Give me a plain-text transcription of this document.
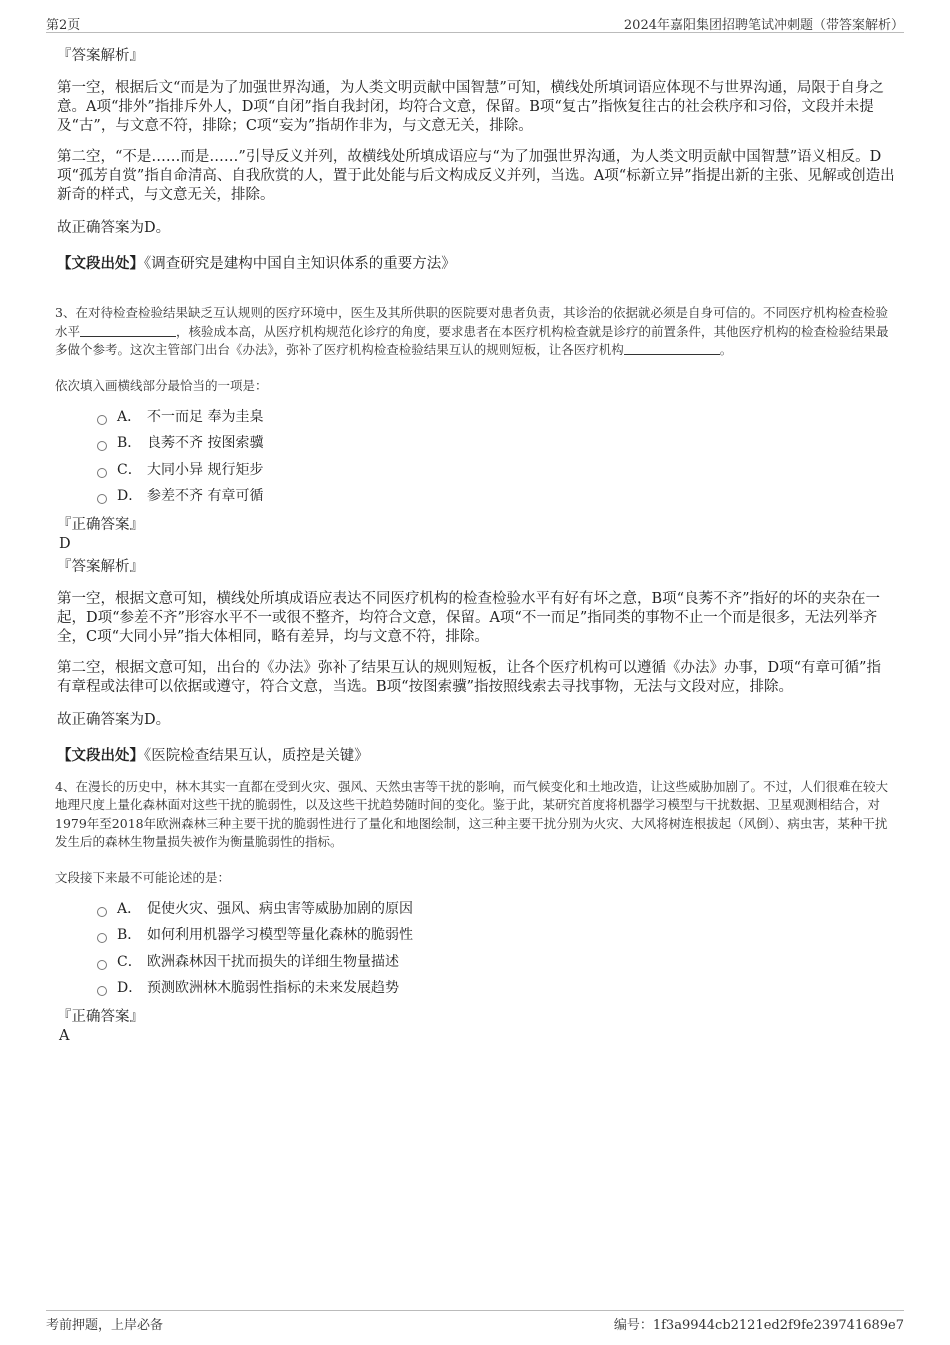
第2页	2024年嘉阳集团招聘笔试冲刺题（带答案解析）
『答案解析』

第一空，根据后文“而是为了加强世界沟通，为人类文明贡献中国智慧”可知，横线处所填词语应体现不与世界沟通，局限于自身之意。A项“排外”指排斥外人，D项“自闭”指自我封闭，均符合文意，保留。B项“复古”指恢复往古的社会秩序和习俗，文段并未提及“古”，与文意不符，排除；C项“妄为”指胡作非为，与文意无关，排除。

第二空，“不是……而是……”引导反义并列，故横线处所填成语应与“为了加强世界沟通，为人类文明贡献中国智慧”语义相反。D项“孤芳自赏”指自命清高、自我欣赏的人，置于此处能与后文构成反义并列，当选。A项“标新立异”指提出新的主张、见解或创造出新奇的样式，与文意无关，排除。

故正确答案为D。

【文段出处】《调查研究是建构中国自主知识体系的重要方法》
3、在对待检查检验结果缺乏互认规则的医疗环境中，医生及其所供职的医院要对患者负责，其诊治的依据就必须是自身可信的。不同医疗机构检查检验水平	，核验成本高，从医疗机构规范化诊疗的角度，要求患者在本医疗机构检查就是诊疗的前置条件，其他医疗机构的检查检验结果最多做个参考。这次主管部门出台《办法》，弥补了医疗机构检查检验结果互认的规则短板，让各医疗机构	。
依次填入画横线部分最恰当的一项是：
A． 不一而足 奉为圭臬
B． 良莠不齐 按图索骥
C． 大同小异 规行矩步
D． 参差不齐 有章可循
『正确答案』
D
『答案解析』

第一空，根据文意可知，横线处所填成语应表达不同医疗机构的检查检验水平有好有坏之意，B项“良莠不齐”指好的坏的夹杂在一起，D项“参差不齐”形容水平不一或很不整齐，均符合文意，保留。A项“不一而足”指同类的事物不止一个而是很多，无法列举齐全，C项“大同小异”指大体相同，略有差异，均与文意不符，排除。

第二空，根据文意可知，出台的《办法》弥补了结果互认的规则短板，让各个医疗机构可以遵循《办法》办事，D项“有章可循”指有章程或法律可以依据或遵守，符合文意，当选。B项“按图索骥”指按照线索去寻找事物，无法与文段对应，排除。

故正确答案为D。

【文段出处】《医院检查结果互认，质控是关键》
4、在漫长的历史中，林木其实一直都在受到火灾、强风、天然虫害等干扰的影响，而气候变化和土地改造，让这些威胁加剧了。不过，人们很难在较大地理尺度上量化森林面对这些干扰的脆弱性，以及这些干扰趋势随时间的变化。鉴于此，某研究首度将机器学习模型与干扰数据、卫星观测相结合，对1979年至2018年欧洲森林三种主要干扰的脆弱性进行了量化和地图绘制，这三种主要干扰分别为火灾、大风将树连根拔起（风倒）、病虫害，某种干扰发生后的森林生物量损失被作为衡量脆弱性的指标。
文段接下来最不可能论述的是：
A． 促使火灾、强风、病虫害等威胁加剧的原因
B． 如何利用机器学习模型等量化森林的脆弱性
C． 欧洲森林因干扰而损失的详细生物量描述
D． 预测欧洲林木脆弱性指标的未来发展趋势
『正确答案』
A
考前押题，上岸必备	编号：1f3a9944cb2121ed2f9fe239741689e7
